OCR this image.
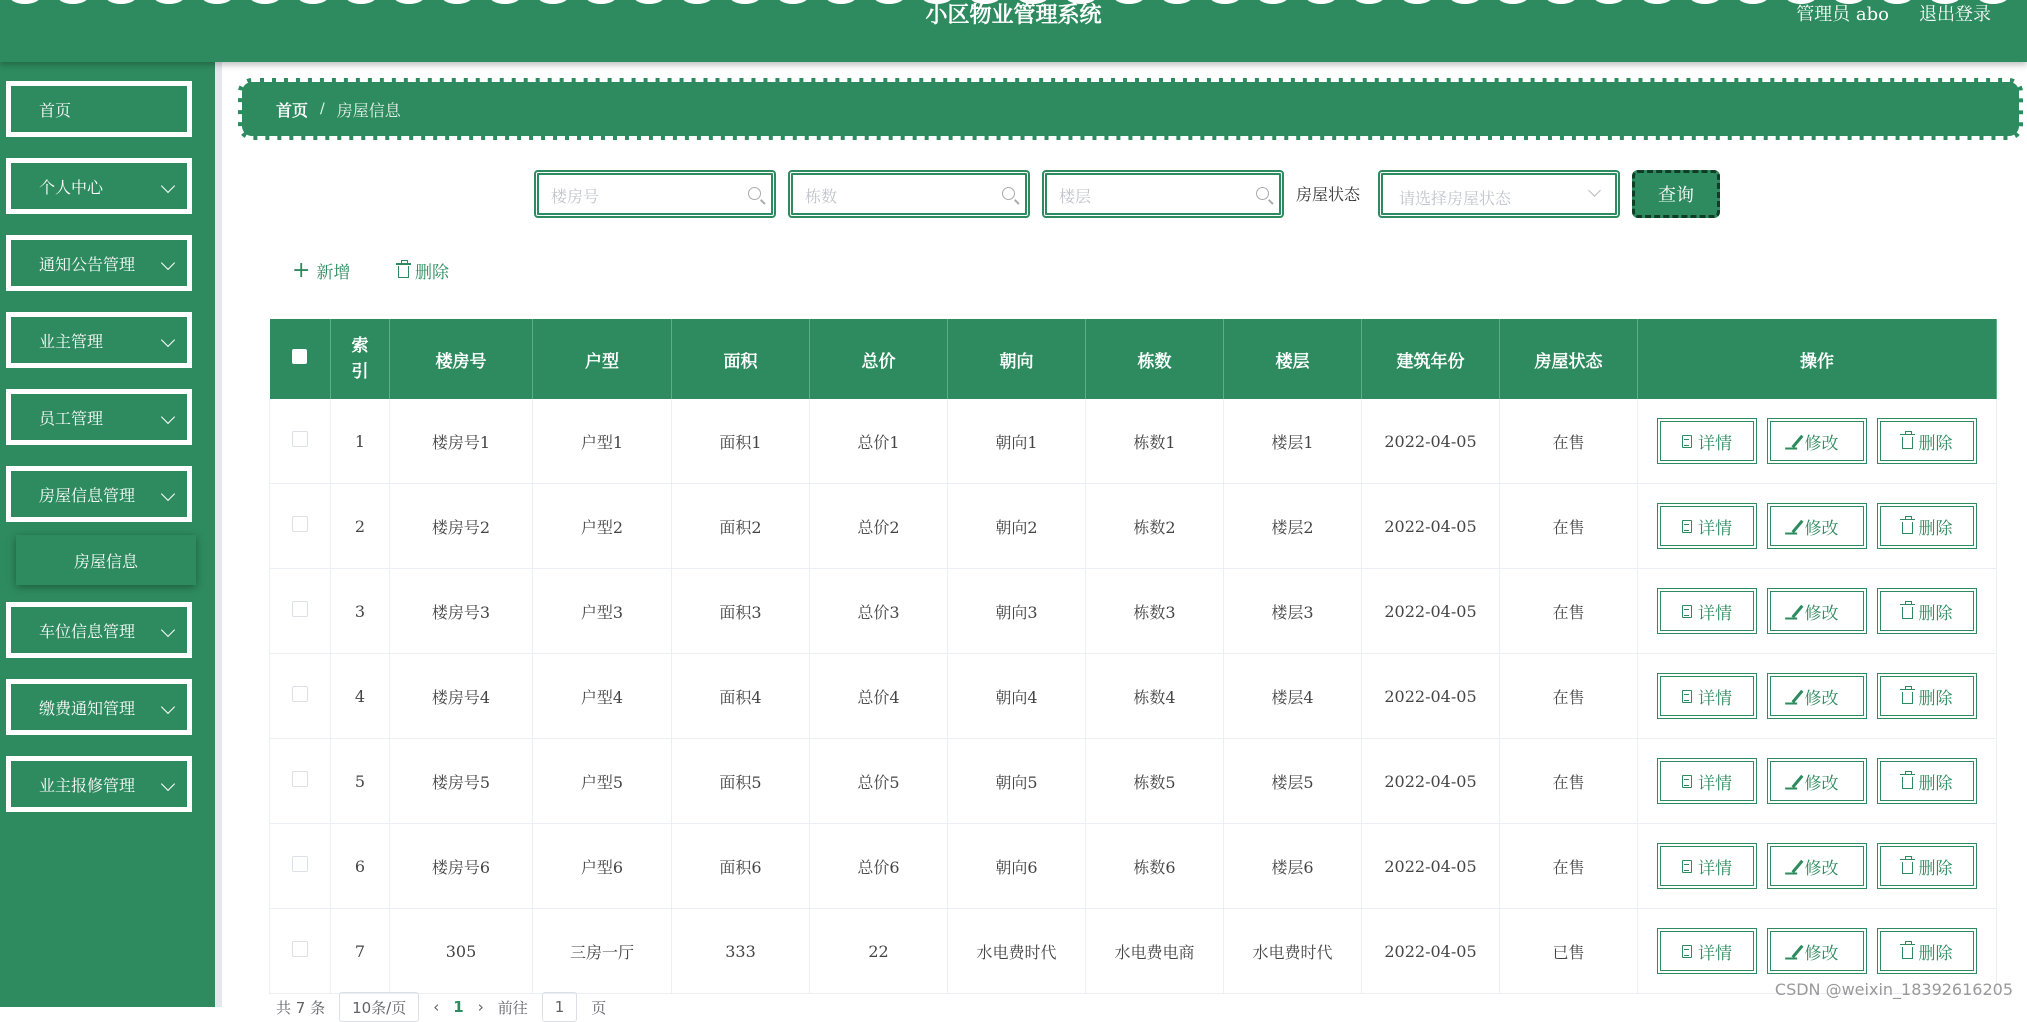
小区物业管理系统	管理员 abo 退出登录
首页
个人中心
通知公告管理
业主管理
员工管理
房屋信息管理
车位信息管理
缴费通知管理
业主报修管理
房屋信息
首页 / 房屋信息
楼房号
栋数
楼层
房屋状态 请选择房屋状态	查询
+ 新增	删除
	索引	楼房号	户型	面积	总价	朝向	栋数	楼层	建筑年份	房屋状态	操作
	1	楼房号1	户型1	面积1	总价1	朝向1	栋数1	楼层1	2022-04-05	在售	详情 修改 删除

	2	楼房号2	户型2	面积2	总价2	朝向2	栋数2	楼层2	2022-04-05	在售	详情 修改 删除

	3	楼房号3	户型3	面积3	总价3	朝向3	栋数3	楼层3	2022-04-05	在售	详情 修改 删除

	4	楼房号4	户型4	面积4	总价4	朝向4	栋数4	楼层4	2022-04-05	在售	详情 修改 删除

	5	楼房号5	户型5	面积5	总价5	朝向5	栋数5	楼层5	2022-04-05	在售	详情 修改 删除

	6	楼房号6	户型6	面积6	总价6	朝向6	栋数6	楼层6	2022-04-05	在售	详情 修改 删除

	7	305	三房一厅	333	22	水电费时代	水电费电商	水电费时代	2022-04-05	已售	详情 修改 删除
共 7 条	10条/页	‹ 1 › 前往	1	页
CSDN @weixin_18392616205
